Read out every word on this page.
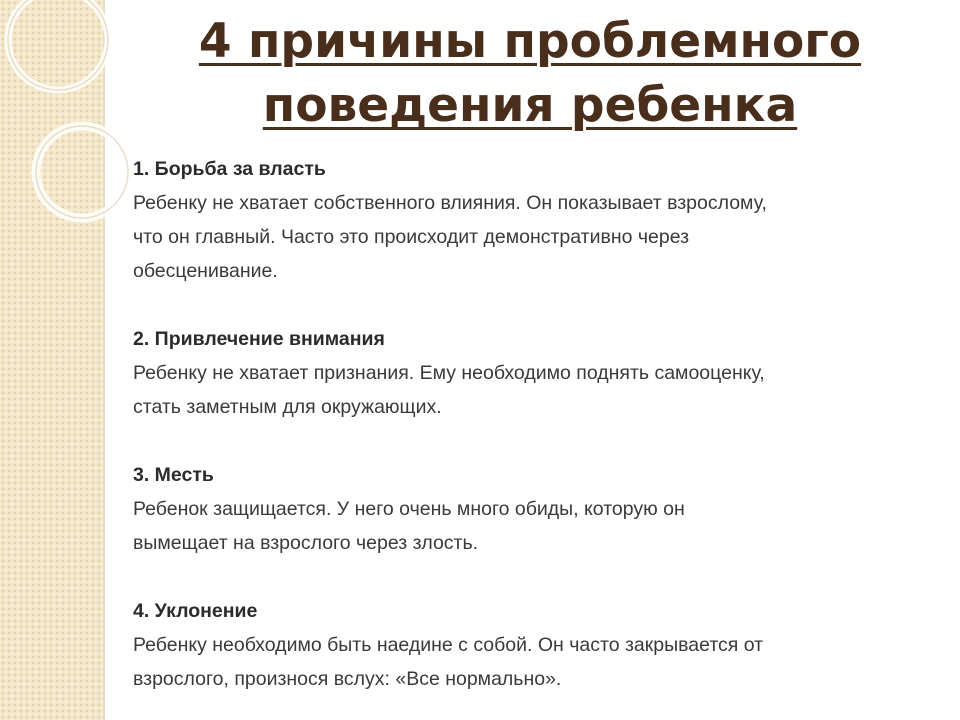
4 причины проблемного
поведения ребенка
1. Борьба за власть
Ребенку не хватает собственного влияния. Он показывает взрослому,
что он главный. Часто это происходит демонстративно через
обесценивание.
2. Привлечение внимания
Ребенку не хватает признания. Ему необходимо поднять самооценку,
стать заметным для окружающих.
3. Месть
Ребенок защищается. У него очень много обиды, которую он
вымещает на взрослого через злость.
4. Уклонение
Ребенку необходимо быть наедине с собой. Он часто закрывается от
взрослого, произнося вслух: «Все нормально».
